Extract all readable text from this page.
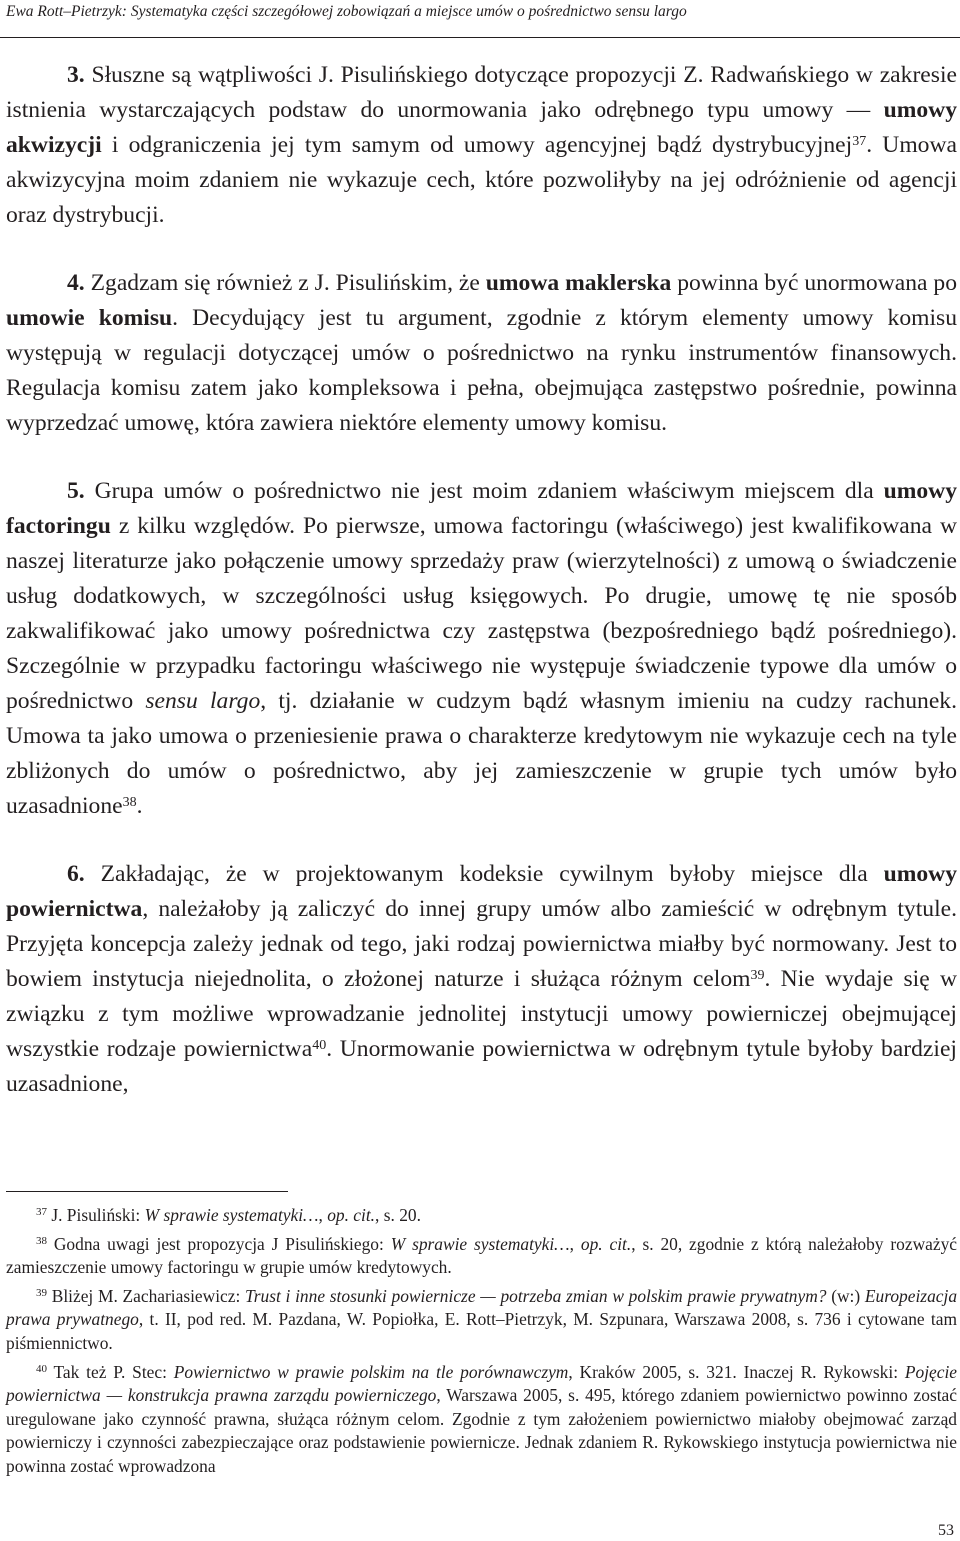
Ewa Rott–Pietrzyk: Systematyka części szczegółowej zobowiązań a miejsce umów o pośrednictwo sensu largo

3. Słuszne są wątpliwości J. Pisulińskiego dotyczące propozycji Z. Radwańskiego w zakresie istnienia wystarczających podstaw do unormowania jako odrębnego typu umowy — umowy akwizycji i odgraniczenia jej tym samym od umowy agencyjnej bądź dystrybucyjnej$^{37}$. Umowa akwizycyjna moim zdaniem nie wykazuje cech, które pozwoliłyby na jej odróżnienie od agencji oraz dystrybucji.

4. Zgadzam się również z J. Pisulińskim, że umowa maklerska powinna być unormowana po umowie komisu. Decydujący jest tu argument, zgodnie z którym elementy umowy komisu występują w regulacji dotyczącej umów o pośrednictwo na rynku instrumentów finansowych. Regulacja komisu zatem jako kompleksowa i pełna, obejmująca zastępstwo pośrednie, powinna wyprzedzać umowę, która zawiera niektóre elementy umowy komisu.

5. Grupa umów o pośrednictwo nie jest moim zdaniem właściwym miejscem dla umowy factoringu z kilku względów. Po pierwsze, umowa factoringu (właściwego) jest kwalifikowana w naszej literaturze jako połączenie umowy sprzedaży praw (wierzytelności) z umową o świadczenie usług dodatkowych, w szczególności usług księgowych. Po drugie, umowę tę nie sposób zakwalifikować jako umowy pośrednictwa czy zastępstwa (bezpośredniego bądź pośredniego). Szczególnie w przypadku factoringu właściwego nie występuje świadczenie typowe dla umów o pośrednictwo sensu largo, tj. działanie w cudzym bądź własnym imieniu na cudzy rachunek. Umowa ta jako umowa o przeniesienie prawa o charakterze kredytowym nie wykazuje cech na tyle zbliżonych do umów o pośrednictwo, aby jej zamieszczenie w grupie tych umów było uzasadnione$^{38}$.

6. Zakładając, że w projektowanym kodeksie cywilnym byłoby miejsce dla umowy powiernictwa, należałoby ją zaliczyć do innej grupy umów albo zamieścić w odrębnym tytule. Przyjęta koncepcja zależy jednak od tego, jaki rodzaj powiernictwa miałby być normowany. Jest to bowiem instytucja niejednolita, o złożonej naturze i służąca różnym celom$^{39}$. Nie wydaje się w związku z tym możliwe wprowadzanie jednolitej instytucji umowy powierniczej obejmującej wszystkie rodzaje powiernictwa$^{40}$. Unormowanie powiernictwa w odrębnym tytule byłoby bardziej uzasadnione,

$^{37}$ J. Pisuliński: W sprawie systematyki…, op. cit., s. 20.

$^{38}$ Godna uwagi jest propozycja J Pisulińskiego: W sprawie systematyki…, op. cit., s. 20, zgodnie z którą należałoby rozważyć zamieszczenie umowy factoringu w grupie umów kredytowych.

$^{39}$ Bliżej M. Zachariasiewicz: Trust i inne stosunki powiernicze — potrzeba zmian w polskim prawie prywatnym? (w:) Europeizacja prawa prywatnego, t. II, pod red. M. Pazdana, W. Popiołka, E. Rott–Pietrzyk, M. Szpunara, Warszawa 2008, s. 736 i cytowane tam piśmiennictwo.

$^{40}$ Tak też P. Stec: Powiernictwo w prawie polskim na tle porównawczym, Kraków 2005, s. 321. Inaczej R. Rykowski: Pojęcie powiernictwa — konstrukcja prawna zarządu powierniczego, Warszawa 2005, s. 495, którego zdaniem powiernictwo powinno zostać uregulowane jako czynność prawna, służąca różnym celom. Zgodnie z tym założeniem powiernictwo miałoby obejmować zarząd powierniczy i czynności zabezpieczające oraz podstawienie powiernicze. Jednak zdaniem R. Rykowskiego instytucja powiernictwa nie powinna zostać wprowadzona

53
